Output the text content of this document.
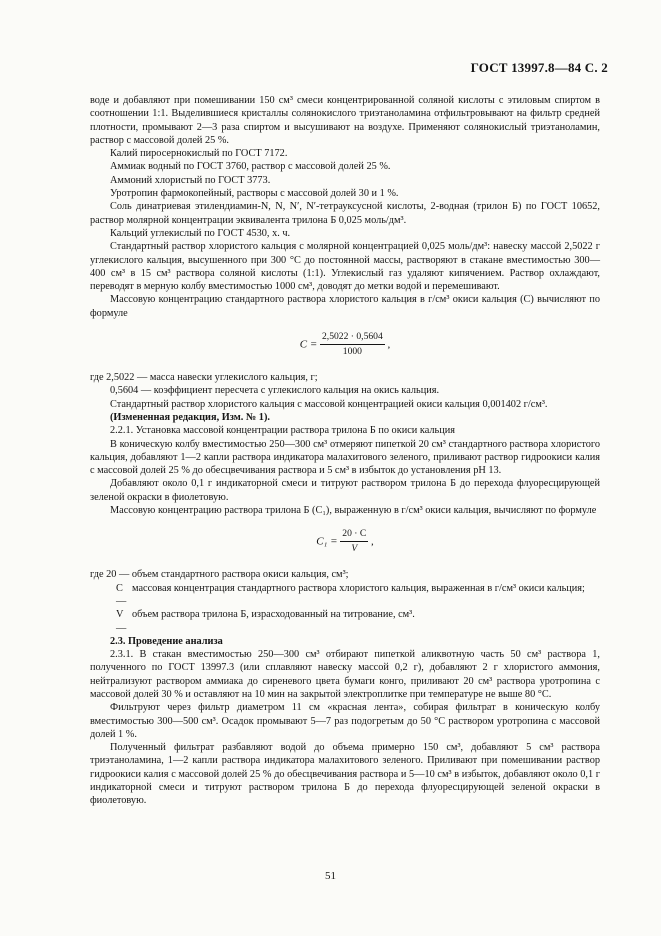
ГОСТ 13997.8—84 С. 2

воде и добавляют при помешивании 150 см³ смеси концентрированной соляной кислоты с этиловым спиртом в соотношении 1:1. Выделившиеся кристаллы солянокислого триэтаноламина отфильтровывают на фильтр средней плотности, промывают 2—3 раза спиртом и высушивают на воздухе. Применяют солянокислый триэтаноламин, раствор с массовой долей 25 %.

Калий пиросернокислый по ГОСТ 7172.

Аммиак водный по ГОСТ 3760, раствор с массовой долей 25 %.

Аммоний хлористый по ГОСТ 3773.

Уротропин фармокопейный, растворы с массовой долей 30 и 1 %.

Соль динатриевая этилендиамин-N, N, N′, N′-тетрауксусной кислоты, 2-водная (трилон Б) по ГОСТ 10652, раствор молярной концентрации эквивалента трилона Б 0,025 моль/дм³.

Кальций углекислый по ГОСТ 4530, х. ч.

Стандартный раствор хлористого кальция с молярной концентрацией 0,025 моль/дм³: навеску массой 2,5022 г углекислого кальция, высушенного при 300 °С до постоянной массы, растворяют в стакане вместимостью 300—400 см³ в 15 см³ раствора соляной кислоты (1:1). Углекислый газ удаляют кипячением. Раствор охлаждают, переводят в мерную колбу вместимостью 1000 см³, доводят до метки водой и перемешивают.

Массовую концентрацию стандартного раствора хлористого кальция в г/см³ окиси кальция (С) вычисляют по формуле

$С = \frac{2,5022 \cdot 0,5604}{1000}$ ,

где 2,5022 — масса навески углекислого кальция, г;

0,5604 — коэффициент пересчета с углекислого кальция на окись кальция.

Стандартный раствор хлористого кальция с массовой концентрацией окиси кальция 0,001402 г/см³.

(Измененная редакция, Изм. № 1).

2.2.1. Установка массовой концентрации раствора трилона Б по окиси кальция

В коническую колбу вместимостью 250—300 см³ отмеряют пипеткой 20 см³ стандартного раствора хлористого кальция, добавляют 1—2 капли раствора индикатора малахитового зеленого, приливают раствор гидроокиси калия с массовой долей 25 % до обесцвечивания раствора и 5 см³ в избыток до установления рН 13.

Добавляют около 0,1 г индикаторной смеси и титруют раствором трилона Б до перехода флуоресцирующей зеленой окраски в фиолетовую.

Массовую концентрацию раствора трилона Б (С₁), выраженную в г/см³ окиси кальция, вычисляют по формуле

$C_1 = \frac{20 \cdot C}{V}$ ,

где 20 — объем стандартного раствора окиси кальция, см³;

С —
массовая концентрация стандартного раствора хлористого кальция, выраженная в г/см³ окиси кальция;
V —
объем раствора трилона Б, израсходованный на титрование, см³.

2.3. Проведение анализа

2.3.1. В стакан вместимостью 250—300 см³ отбирают пипеткой аликвотную часть 50 см³ раствора 1, полученного по ГОСТ 13997.3 (или сплавляют навеску массой 0,2 г), добавляют 2 г хлористого аммония, нейтрализуют раствором аммиака до сиреневого цвета бумаги конго, приливают 20 см³ раствора уротропина с массовой долей 30 % и оставляют на 10 мин на закрытой электроплитке при температуре не выше 80 °С.

Фильтруют через фильтр диаметром 11 см «красная лента», собирая фильтрат в коническую колбу вместимостью 300—500 см³. Осадок промывают 5—7 раз подогретым до 50 °С раствором уротропина с массовой долей 1 %.

Полученный фильтрат разбавляют водой до объема примерно 150 см³, добавляют 5 см³ раствора триэтаноламина, 1—2 капли раствора индикатора малахитового зеленого. Приливают при помешивании раствор гидроокиси калия с массовой долей 25 % до обесцвечивания раствора и 5—10 см³ в избыток, добавляют около 0,1 г индикаторной смеси и титруют раствором трилона Б до перехода флуоресцирующей зеленой окраски в фиолетовую.

51
